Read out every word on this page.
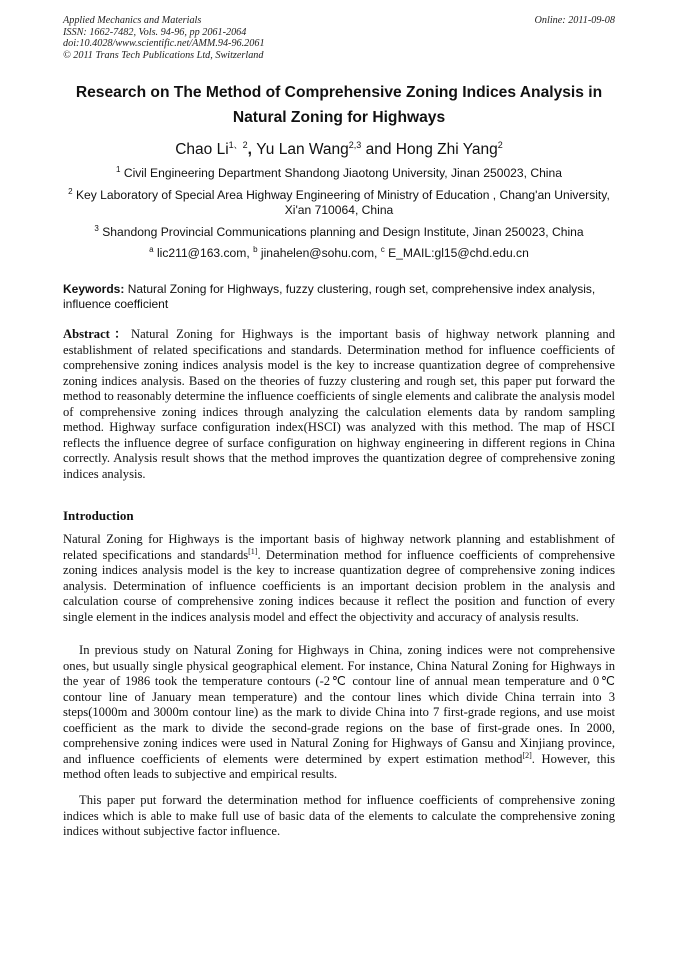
Applied Mechanics and Materials
ISSN: 1662-7482, Vols. 94-96, pp 2061-2064
doi:10.4028/www.scientific.net/AMM.94-96.2061
© 2011 Trans Tech Publications Ltd, Switzerland
Online: 2011-09-08
Research on The Method of Comprehensive Zoning Indices Analysis in
Natural Zoning for Highways
Chao $Li^{1、2}$, Yu Lan Wang$^{2,3}$ and Hong Zhi Yang$^2$
$^1$ Civil Engineering Department Shandong Jiaotong University, Jinan 250023, China
$^2$ Key Laboratory of Special Area Highway Engineering of Ministry of Education , Chang'an University, Xi'an 710064, China
$^3$ Shandong Provincial Communications planning and Design Institute, Jinan 250023, China
$^a$ lic211@163.com, $^b$ jinahelen@sohu.com, $^c$ E_MAIL:gl15@chd.edu.cn
Keywords: Natural Zoning for Highways, fuzzy clustering, rough set, comprehensive index analysis, influence coefficient
Abstract：Natural Zoning for Highways is the important basis of highway network planning and establishment of related specifications and standards. Determination method for influence coefficients of comprehensive zoning indices analysis model is the key to increase quantization degree of comprehensive zoning indices analysis. Based on the theories of fuzzy clustering and rough set, this paper put forward the method to reasonably determine the influence coefficients of single elements and calibrate the analysis model of comprehensive zoning indices through analyzing the calculation elements data by random sampling method. Highway surface configuration index(HSCI) was analyzed with this method. The map of HSCI reflects the influence degree of surface configuration on highway engineering in different regions in China correctly. Analysis result shows that the method improves the quantization degree of comprehensive zoning indices analysis.
Introduction
Natural Zoning for Highways is the important basis of highway network planning and establishment of related specifications and standards[1]. Determination method for influence coefficients of comprehensive zoning indices analysis model is the key to increase quantization degree of comprehensive zoning indices analysis. Determination of influence coefficients is an important decision problem in the analysis and calculation course of comprehensive zoning indices because it reflect the position and function of every single element in the indices analysis model and effect the objectivity and accuracy of analysis results.
In previous study on Natural Zoning for Highways in China, zoning indices were not comprehensive ones, but usually single physical geographical element. For instance, China Natural Zoning for Highways in the year of 1986 took the temperature contours (-2℃ contour line of annual mean temperature and 0℃ contour line of January mean temperature) and the contour lines which divide China terrain into 3 steps(1000m and 3000m contour line) as the mark to divide China into 7 first-grade regions, and use moist coefficient as the mark to divide the second-grade regions on the base of first-grade ones. In 2000, comprehensive zoning indices were used in Natural Zoning for Highways of Gansu and Xinjiang province, and influence coefficients of elements were determined by expert estimation method[2]. However, this method often leads to subjective and empirical results.
This paper put forward the determination method for influence coefficients of comprehensive zoning indices which is able to make full use of basic data of the elements to calculate the comprehensive zoning indices without subjective factor influence.
